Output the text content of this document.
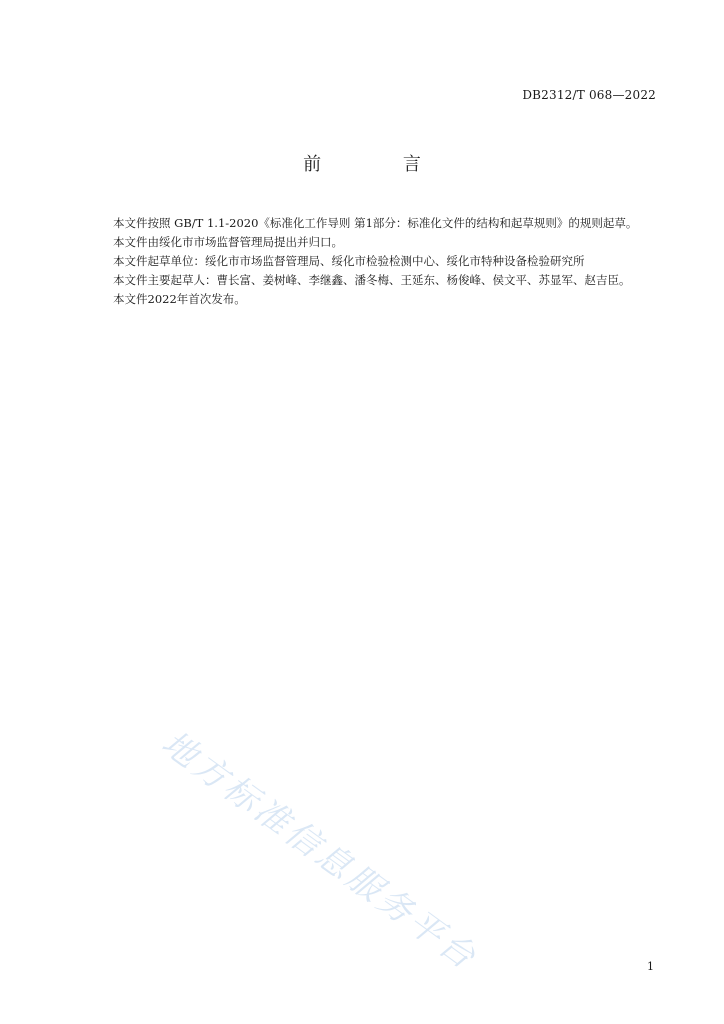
DB2312/T 068—2022
前 言

本文件按照 GB/T 1.1-2020《标准化工作导则 第1部分：标准化文件的结构和起草规则》的规则起草。

本文件由绥化市市场监督管理局提出并归口。

本文件起草单位：绥化市市场监督管理局、绥化市检验检测中心、绥化市特种设备检验研究所

本文件主要起草人：曹长富、姜树峰、李继鑫、潘冬梅、王延东、杨俊峰、侯文平、苏显军、赵吉臣。

本文件2022年首次发布。

地方标准信息服务平台	1
